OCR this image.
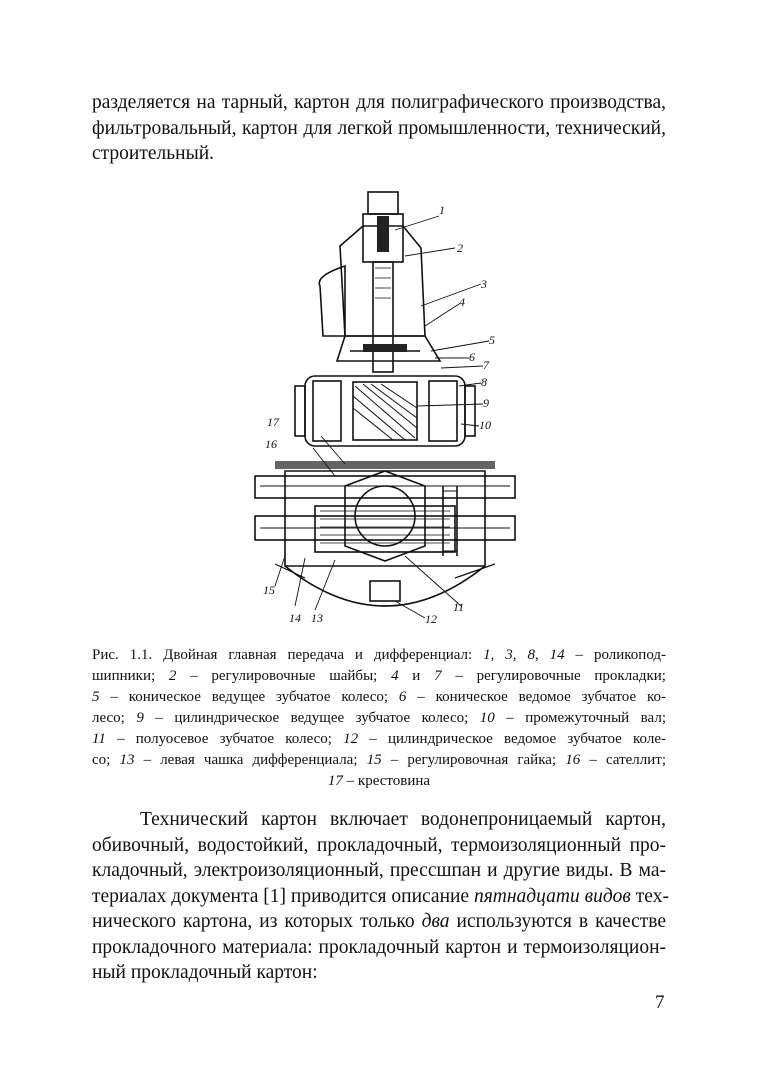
разделяется на тарный, картон для полиграфического производства,
фильтровальный, картон для легкой промышленности, технический,
строительный.
1
2
3
4
5
6
7
8
9
10
11
12
13
14
15
16
17
Рис. 1.1. Двойная главная передача и дифференциал: 1, 3, 8, 14 – роликопод-
шипники; 2 – регулировочные шайбы; 4 и 7 – регулировочные прокладки;
5 – коническое ведущее зубчатое колесо; 6 – коническое ведомое зубчатое ко-
лесо; 9 – цилиндрическое ведущее зубчатое колесо; 10 – промежуточный вал;
11 – полуосевое зубчатое колесо; 12 – цилиндрическое ведомое зубчатое коле-
со; 13 – левая чашка дифференциала; 15 – регулировочная гайка; 16 – сателлит;
17 – крестовина
Технический картон включает водонепроницаемый картон,
обивочный, водостойкий, прокладочный, термоизоляционный про-
кладочный, электроизоляционный, прессшпан и другие виды. В ма-
териалах документа [1] приводится описание пятнадцати видов тех-
нического картона, из которых только два используются в качестве
прокладочного материала: прокладочный картон и термоизоляцион-
ный прокладочный картон:
7
